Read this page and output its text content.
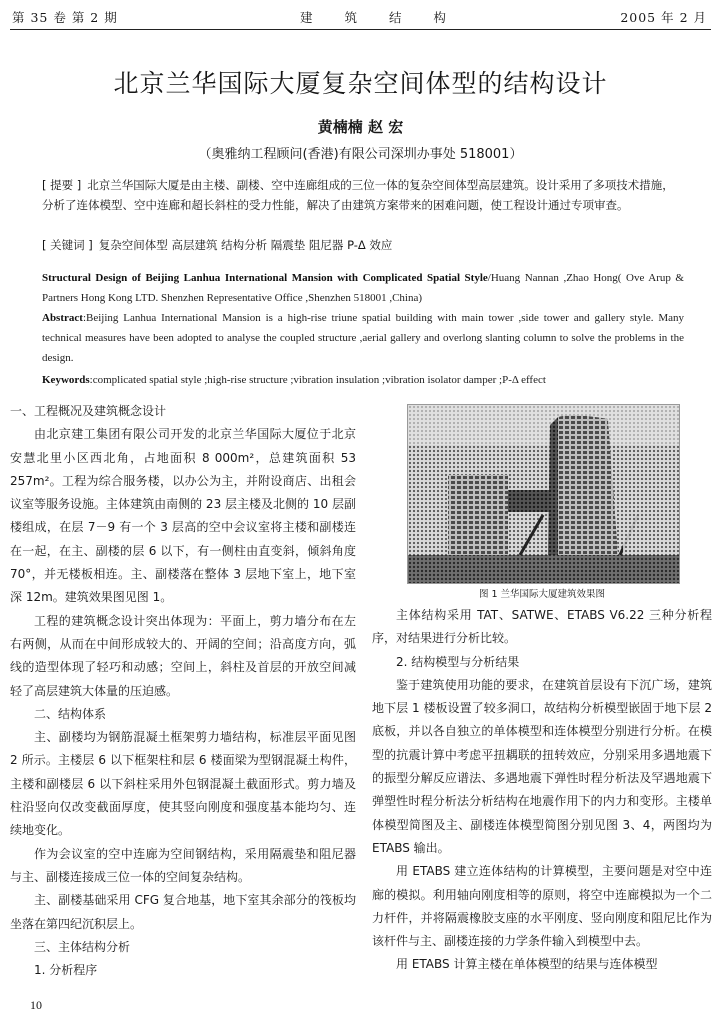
第 35 卷 第 2 期	建 筑 结 构	2005 年 2 月
北京兰华国际大厦复杂空间体型的结构设计
黄楠楠 赵 宏
（奥雅纳工程顾问(香港)有限公司深圳办事处 518001）
[ 提要 ] 北京兰华国际大厦是由主楼、副楼、空中连廊组成的三位一体的复杂空间体型高层建筑。设计采用了多项技术措施，分析了连体模型、空中连廊和超长斜柱的受力性能，解决了由建筑方案带来的困难问题，使工程设计通过专项审查。
[ 关键词 ] 复杂空间体型 高层建筑 结构分析 隔震垫 阻尼器 P-Δ 效应
Structural Design of Beijing Lanhua International Mansion with Complicated Spatial Style/Huang Nannan ,Zhao Hong( Ove Arup & Partners Hong Kong LTD. Shenzhen Representative Office ,Shenzhen 518001 ,China)
Abstract:Beijing Lanhua International Mansion is a high-rise triune spatial building with main tower ,side tower and gallery style. Many technical measures have been adopted to analyse the coupled structure ,aerial gallery and overlong slanting column to solve the problems in the design.
Keywords:complicated spatial style ;high-rise structure ;vibration insulation ;vibration isolator damper ;P-Δ effect

一、工程概况及建筑概念设计

由北京建工集团有限公司开发的北京兰华国际大厦位于北京安慧北里小区西北角，占地面积 8 000m²，总建筑面积 53 257m²。工程为综合服务楼，以办公为主，并附设商店、出租会议室等服务设施。主体建筑由南侧的 23 层主楼及北侧的 10 层副楼组成，在层 7－9 有一个 3 层高的空中会议室将主楼和副楼连在一起，在主、副楼的层 6 以下，有一侧柱由直变斜，倾斜角度 70°，并无楼板相连。主、副楼落在整体 3 层地下室上，地下室深 12m。建筑效果图见图 1。

工程的建筑概念设计突出体现为：平面上，剪力墙分布在左右两侧，从而在中间形成较大的、开阔的空间；沿高度方向，弧线的造型体现了轻巧和动感；空间上，斜柱及首层的开放空间减轻了高层建筑大体量的压迫感。

二、结构体系

主、副楼均为钢筋混凝土框架剪力墙结构，标准层平面见图 2 所示。主楼层 6 以下框架柱和层 6 楼面梁为型钢混凝土构件，主楼和副楼层 6 以下斜柱采用外包钢混凝土截面形式。剪力墙及柱沿竖向仅改变截面厚度，使其竖向刚度和强度基本能均匀、连续地变化。

作为会议室的空中连廊为空间钢结构，采用隔震垫和阻尼器与主、副楼连接成三位一体的空间复杂结构。

主、副楼基础采用 CFG 复合地基，地下室其余部分的筏板均坐落在第四纪沉积层上。

三、主体结构分析
1. 分析程序
图 1 兰华国际大厦建筑效果图

主体结构采用 TAT、SATWE、ETABS V6.22 三种分析程序，对结果进行分析比较。

2. 结构模型与分析结果

鉴于建筑使用功能的要求，在建筑首层设有下沉广场，建筑地下层 1 楼板设置了较多洞口，故结构分析模型嵌固于地下层 2 底板，并以各自独立的单体模型和连体模型分别进行分析。在模型的抗震计算中考虑平扭耦联的扭转效应，分别采用多遇地震下的振型分解反应谱法、多遇地震下弹性时程分析法及罕遇地震下弹塑性时程分析法分析结构在地震作用下的内力和变形。主楼单体模型简图及主、副楼连体模型简图分别见图 3、4，两图均为 ETABS 输出。

用 ETABS 建立连体结构的计算模型，主要问题是对空中连廊的模拟。利用轴向刚度相等的原则，将空中连廊模拟为一个二力杆件，并将隔震橡胶支座的水平刚度、竖向刚度和阻尼比作为该杆件与主、副楼连接的力学条件输入到模型中去。

用 ETABS 计算主楼在单体模型的结果与连体模型

10
